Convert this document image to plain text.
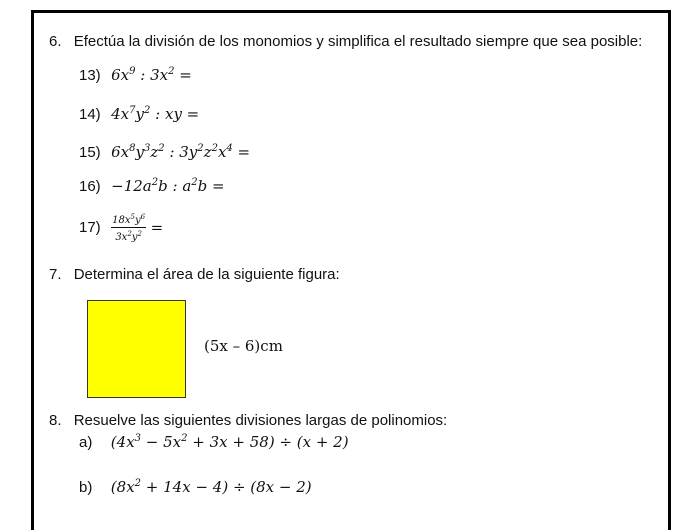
6. Efectúa la división de los monomios y simplifica el resultado siempre que sea posible:
13) $6x^9$ : $3x^2$ =
14) $4x^7y^2$ : xy =
15) $6x^8y^3z^2$ : $3y^2z^2x^4$ =
$16) -12a^2b$ : $a^2b$ =
$17) \frac{18x^5y^6}{3x^2y^2}$ =
7. Determina el área de la siguiente figura:
(5x – 6)cm
8. Resuelve las siguientes divisiones largas de polinomios:
a) $(4x^3 - 5x^2 + 3x + 58) \div (x + 2)$
b) $(8x^2 + 14x - 4) \div (8x - 2)$
